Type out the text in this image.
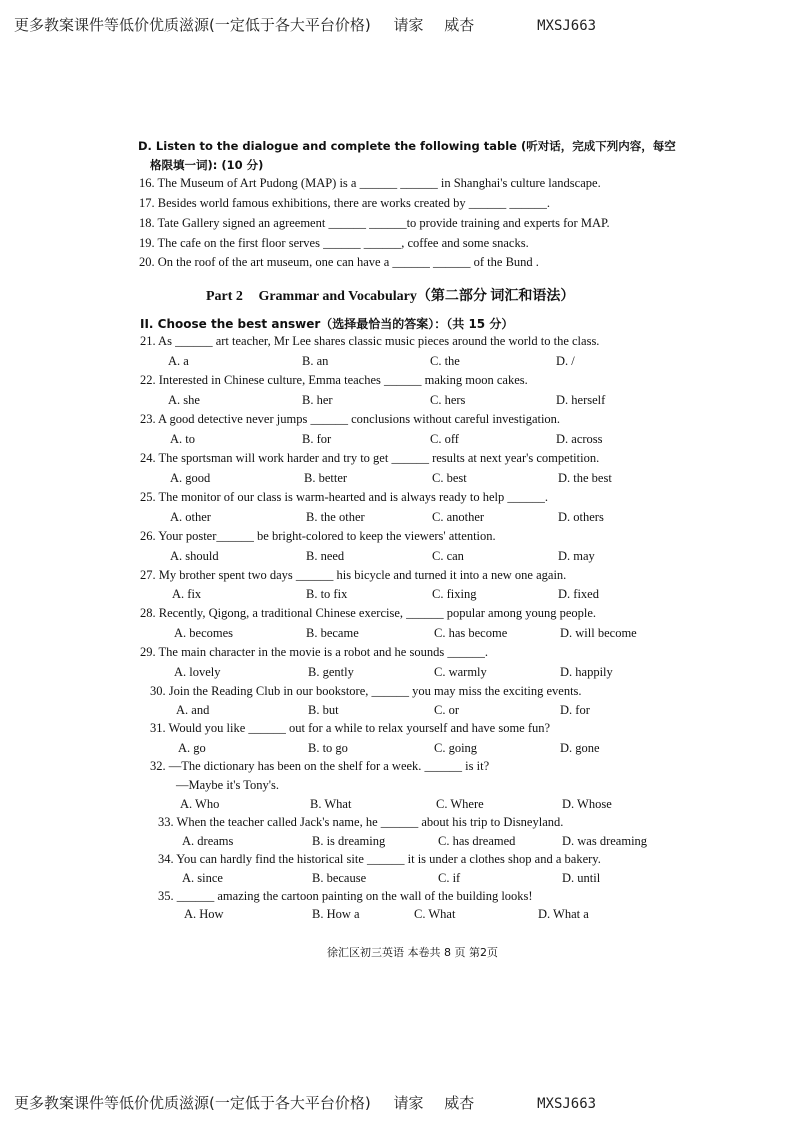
更多教案课件等低价优质滋源(一定低于各大平台价格) 请家 威杏	MXSJ663
D. Listen to the dialogue and complete the following table (听对话，完成下列内容，每空
格限填一词): (10 分)
16. The Museum of Art Pudong (MAP) is a ______ ______ in Shanghai's culture landscape.
17. Besides world famous exhibitions, there are works created by ______ ______.
18. Tate Gallery signed an agreement ______ ______to provide training and experts for MAP.
19. The cafe on the first floor serves ______ ______, coffee and some snacks.
20. On the roof of the art museum, one can have a ______ ______ of the Bund .
Part 2 Grammar and Vocabulary（第二部分 词汇和语法）
II. Choose the best answer（选择最恰当的答案）：（共 15 分）
21. As ______ art teacher, Mr Lee shares classic music pieces around the world to the class.
A. a	B. an	C. the	D. /
22. Interested in Chinese culture, Emma teaches ______ making moon cakes.
A. she	B. her	C. hers	D. herself
23. A good detective never jumps ______ conclusions without careful investigation.
A. to	B. for	C. off	D. across
24. The sportsman will work harder and try to get ______ results at next year's competition.
A. good	B. better	C. best	D. the best
25. The monitor of our class is warm-hearted and is always ready to help ______.
A. other	B. the other	C. another	D. others
26. Your poster______ be bright-colored to keep the viewers' attention.
A. should	B. need	C. can	D. may
27. My brother spent two days ______ his bicycle and turned it into a new one again.
A. fix	B. to fix	C. fixing	D. fixed
28. Recently, Qigong, a traditional Chinese exercise, ______ popular among young people.
A. becomes	B. became	C. has become	D. will become
29. The main character in the movie is a robot and he sounds ______.
A. lovely	B. gently	C. warmly	D. happily
30. Join the Reading Club in our bookstore, ______ you may miss the exciting events.
A. and	B. but	C. or	D. for
31. Would you like ______ out for a while to relax yourself and have some fun?
A. go	B. to go	C. going	D. gone
32. —The dictionary has been on the shelf for a week. ______ is it?
—Maybe it's Tony's.
A. Who	B. What	C. Where	D. Whose
33. When the teacher called Jack's name, he ______ about his trip to Disneyland.
A. dreams	B. is dreaming	C. has dreamed	D. was dreaming
34. You can hardly find the historical site ______ it is under a clothes shop and a bakery.
A. since	B. because	C. if	D. until
35. ______ amazing the cartoon painting on the wall of the building looks!
A. How	B. How a	C. What	D. What a
徐汇区初三英语 本卷共 8 页 第2页
更多教案课件等低价优质滋源(一定低于各大平台价格) 请家 威杏	MXSJ663
